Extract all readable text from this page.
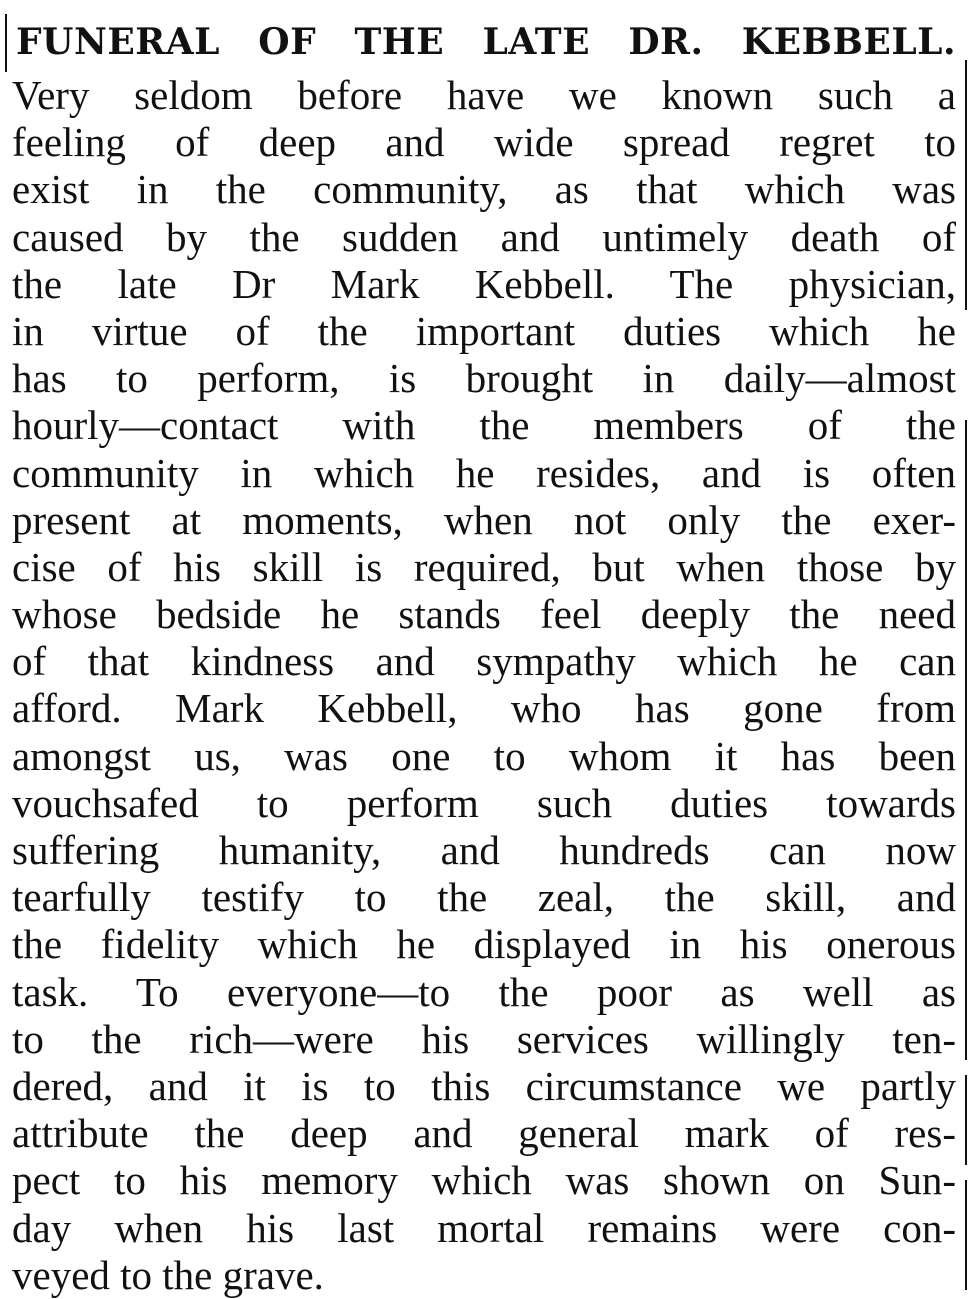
FUNERAL OF THE LATE DR. KEBBELL.
Very seldom before have we known such a
feeling of deep and wide spread regret to
exist in the community, as that which was
caused by the sudden and untimely death of
the late Dr Mark Kebbell. The physician,
in virtue of the important duties which he
has to perform, is brought in daily—almost
hourly—contact with the members of the
community in which he resides, and is often
present at moments, when not only the exer-
cise of his skill is required, but when those by
whose bedside he stands feel deeply the need
of that kindness and sympathy which he can
afford. Mark Kebbell, who has gone from
amongst us, was one to whom it has been
vouchsafed to perform such duties towards
suffering humanity, and hundreds can now
tearfully testify to the zeal, the skill, and
the fidelity which he displayed in his onerous
task. To everyone—to the poor as well as
to the rich—were his services willingly ten-
dered, and it is to this circumstance we partly
attribute the deep and general mark of res-
pect to his memory which was shown on Sun-
day when his last mortal remains were con-
veyed to the grave.
